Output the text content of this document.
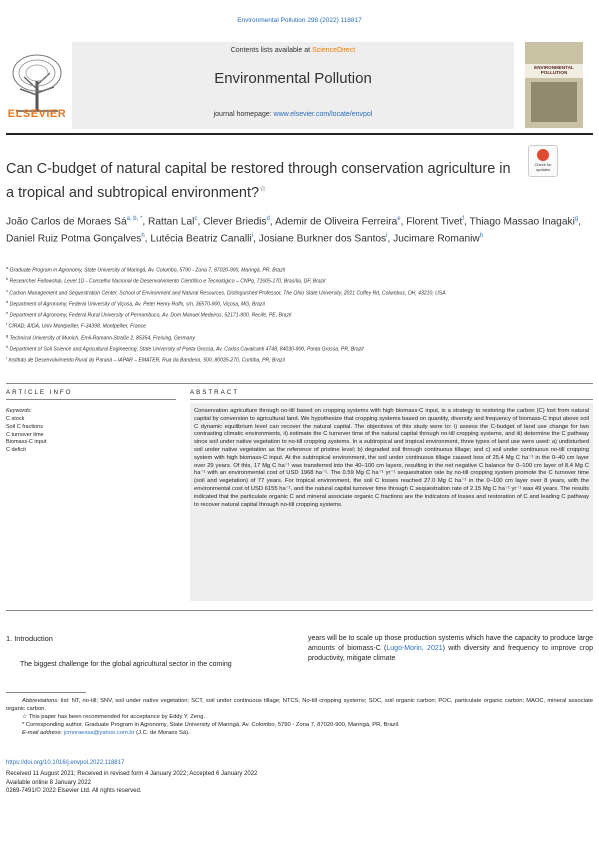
Environmental Pollution 298 (2022) 118817
Contents lists available at ScienceDirect
Environmental Pollution
journal homepage: www.elsevier.com/locate/envpol
ELSEVIER
ENVIRONMENTAL POLLUTION
Can C-budget of natural capital be restored through conservation agriculture in a tropical and subtropical environment?☆
Check for updates
João Carlos de Moraes $Sá^{a, b, *}$, Rattan Lal$^c$, Clever Briedis$^d$, Ademir de Oliveira Ferreira$^e$, Florent Tivet$^f$, Thiago Massao Inagaki$^g$, Daniel Ruiz Potma Gonçalves$^h$, Lutécia Beatriz Canalli$^i$, Josiane Burkner dos Santos$^i$, Jucimare Romaniw$^h$
$^a$ Graduate Program in Agronomy, State University of Maringá, Av. Colombo, 5790 - Zona 7, 87020-900, Maringá, PR, Brazil
$^b$ Researcher Fellowship, Level 1D - Conselho Nacional de Desenvolvimento Científico e Tecnológico – CNPq, 71605-170, Brasília, DF, Brazil
$^c$ Carbon Management and Sequestration Center, School of Environment and Natural Resources, Distinguished Professor, The Ohio State University, 2021 Coffey Rd, Columbus, OH, 43210, USA
$^d$ Department of Agronomy, Federal University of Viçosa, Av. Peter Henry Rolfs, s/n, 36570-900, Viçosa, MG, Brazil
$^e$ Department of Agronomy, Federal Rural University of Pernambuco, Av. Dom Manuel Medeiros, 52171-900, Recife, PE, Brazil
$^f$ CIRAD, AIDA, Univ Montpellier, F-34398, Montpellier, France
$^g$ Technical University of Munich, Emil-Ramann-Straße 2, 85354, Freising, Germany
$^h$ Department of Soil Science and Agricultural Engineering, State University of Ponta Grossa, Av. Carlos Cavalcanti 4748, 84030-900, Ponta Grossa, PR, Brazil
$^i$ Instituto de Desenvolvimento Rural do Paraná – IAPAR – EMATER, Rua da Bandeira, 500, 80035-270, Curitiba, PR, Brazil
ARTICLE INFO	ABSTRACT
Keywords:
C stock
Soil C fractions
C turnover time
Biomass-C input
C deficit
Conservation agriculture through no-till based on cropping systems with high biomass-C input, is a strategy to restoring the carbon (C) lost from natural capital by conversion to agricultural land. We hypothesize that cropping systems based on quantity, diversity and frequency of biomass-C input above soil C dynamic equilibrium level can recover the natural capital. The objectives of this study were to: i) assess the C-budget of land use change for two contrasting climatic environments, ii) estimate the C turnover time of the natural capital through no-till cropping systems, and iii) determine the C pathway since soil under native vegetation to no-till cropping systems. In a subtropical and tropical environment, three types of land use were used: a) undisturbed soil under native vegetation as the reference of pristine level; b) degraded soil through continuous tillage; and c) soil under continuous no-till cropping system with high biomass-C input. At the subtropical environment, the soil under continuous tillage caused loss of 25.4 Mg C ha⁻¹ in the 0–40 cm layer over 29 years. Of this, 17 Mg C ha⁻¹ was transferred into the 40–100 cm layers, resulting in the net negative C balance for 0–100 cm layer of 8.4 Mg C ha⁻¹ with an environmental cost of USD 1968 ha⁻¹. The 0.59 Mg C ha⁻¹ yr⁻¹ sequestration rate by no-till cropping system promote the C turnover time (soil and vegetation) of 77 years. For tropical environment, the soil C losses reached 27.0 Mg C ha⁻¹ in the 0–100 cm layer over 8 years, with the environmental cost of USD 6155 ha⁻¹, and the natural capital turnover time through C sequestration rate of 2.15 Mg C ha⁻¹ yr⁻¹ was 49 years. The results indicated that the particulate organic C and mineral associate organic C fractions are the indicators of losses and restoration of C and leading C pathway to recover natural capital through no-till cropping systems.
1. Introduction
The biggest challenge for the global agricultural sector in the coming
years will be to scale up those production systems which have the capacity to produce large amounts of biomass-C (Lugo-Morin, 2021) with diversity and frequency to improve crop productivity, mitigate climate
Abbreviations: list: NT, no-till; SNV, soil under native vegetation; SCT, soil under continuous tillage; NTCS, No-till cropping systems; SOC, soil organic carbon; POC, particulate organic carbon; MAOC, mineral associate organic carbon.
☆ This paper has been recommended for acceptance by Eddy Y. Zeng.
* Corresponding author. Graduate Program in Agronomy, State University of Maringá, Av. Colombo, 5790 - Zona 7, 87020-900, Maringá, PR, Brazil.
E-mail address: jcmoraessa@yahoo.com.br (J.C. de Moraes Sá).
https://doi.org/10.1016/j.envpol.2022.118817
Received 11 August 2021; Received in revised form 4 January 2022; Accepted 6 January 2022
Available online 8 January 2022
0269-7491/© 2022 Elsevier Ltd. All rights reserved.
